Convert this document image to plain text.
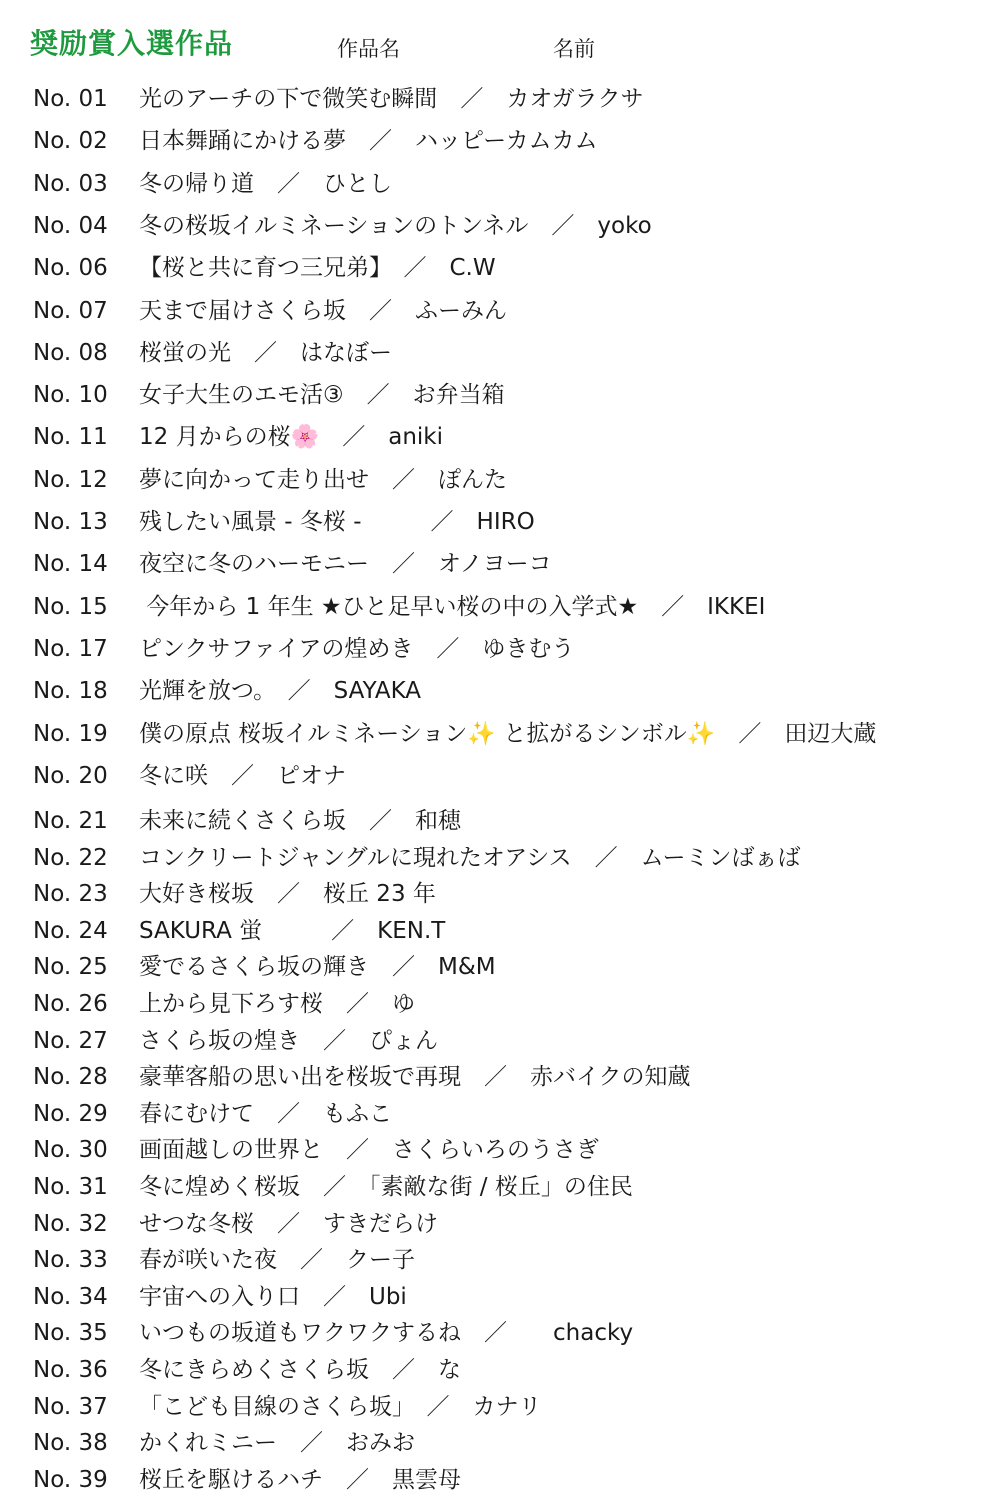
奨励賞入選作品	作品名	名前
No. 01 光のアーチの下で微笑む瞬間　／　カオガラクサ
No. 02 日本舞踊にかける夢　／　ハッピーカムカム
No. 03 冬の帰り道　／　ひとし
No. 04 冬の桜坂イルミネーションのトンネル　／　yoko
No. 06 【桜と共に育つ三兄弟】　／　C.W
No. 07 天まで届けさくら坂　／　ふーみん
No. 08 桜蛍の光　／　はなぼー
No. 10 女子大生のエモ活③　／　お弁当箱
No. 11 12 月からの桜🌸　／　aniki
No. 12 夢に向かって走り出せ　／　ぽんた
No. 13 残したい風景 - 冬桜 -　　　／　HIRO
No. 14 夜空に冬のハーモニー　／　オノヨーコ
No. 15 今年から 1 年生 ★ひと足早い桜の中の入学式★　／　IKKEI
No. 17 ピンクサファイアの煌めき　／　ゆきむう
No. 18 光輝を放つ。　／　SAYAKA
No. 19 僕の原点 桜坂イルミネーション✨ と拡がるシンボル✨　／　田辺大蔵
No. 20 冬に咲　／　ピオナ
No. 21 未来に続くさくら坂　／　和穂
No. 22 コンクリートジャングルに現れたオアシス　／　ムーミンばぁば
No. 23 大好き桜坂　／　桜丘 23 年
No. 24 SAKURA 蛍　　　／　KEN.T
No. 25 愛でるさくら坂の輝き　／　M&M
No. 26 上から見下ろす桜　／　ゆ
No. 27 さくら坂の煌き　／　ぴょん
No. 28 豪華客船の思い出を桜坂で再現　／　赤バイクの知蔵
No. 29 春にむけて　／　もふこ
No. 30 画面越しの世界と　／　さくらいろのうさぎ
No. 31 冬に煌めく桜坂　／　「素敵な街 / 桜丘」の住民
No. 32 せつな冬桜　／　すきだらけ
No. 33 春が咲いた夜　／　クー子
No. 34 宇宙への入り口　／　Ubi
No. 35 いつもの坂道もワクワクするね　／　　chacky
No. 36 冬にきらめくさくら坂　／　な
No. 37 「こども目線のさくら坂」　／　カナリ
No. 38 かくれミニー　／　おみお
No. 39 桜丘を駆けるハチ　／　黒雲母
